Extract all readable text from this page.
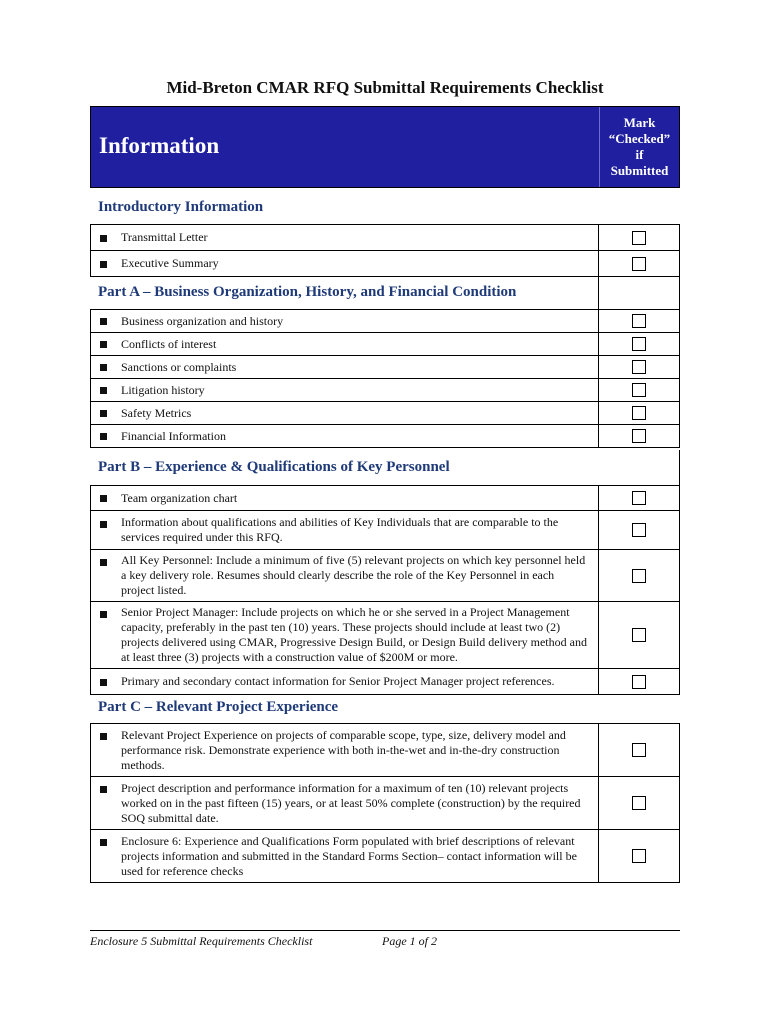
Mid-Breton CMAR RFQ Submittal Requirements Checklist
Information
Mark
“Checked”
if
Submitted
Introductory Information
Transmittal Letter
Executive Summary
Part A – Business Organization, History, and Financial Condition
Business organization and history
Conflicts of interest
Sanctions or complaints
Litigation history
Safety Metrics
Financial Information
Part B – Experience & Qualifications of Key Personnel
Team organization chart
Information about qualifications and abilities of Key Individuals that are comparable to the services required under this RFQ.
All Key Personnel: Include a minimum of five (5) relevant projects on which key personnel held a key delivery role. Resumes should clearly describe the role of the Key Personnel in each project listed.
Senior Project Manager: Include projects on which he or she served in a Project Management capacity, preferably in the past ten (10) years. These projects should include at least two (2) projects delivered using CMAR, Progressive Design Build, or Design Build delivery method and at least three (3) projects with a construction value of $200M or more.
Primary and secondary contact information for Senior Project Manager project references.
Part C – Relevant Project Experience
Relevant Project Experience on projects of comparable scope, type, size, delivery model and performance risk. Demonstrate experience with both in-the-wet and in-the-dry construction methods.
Project description and performance information for a maximum of ten (10) relevant projects worked on in the past fifteen (15) years, or at least 50% complete (construction) by the required SOQ submittal date.
Enclosure 6: Experience and Qualifications Form populated with brief descriptions of relevant projects information and submitted in the Standard Forms Section– contact information will be used for reference checks
Enclosure 5 Submittal Requirements Checklist	Page 1 of 2
